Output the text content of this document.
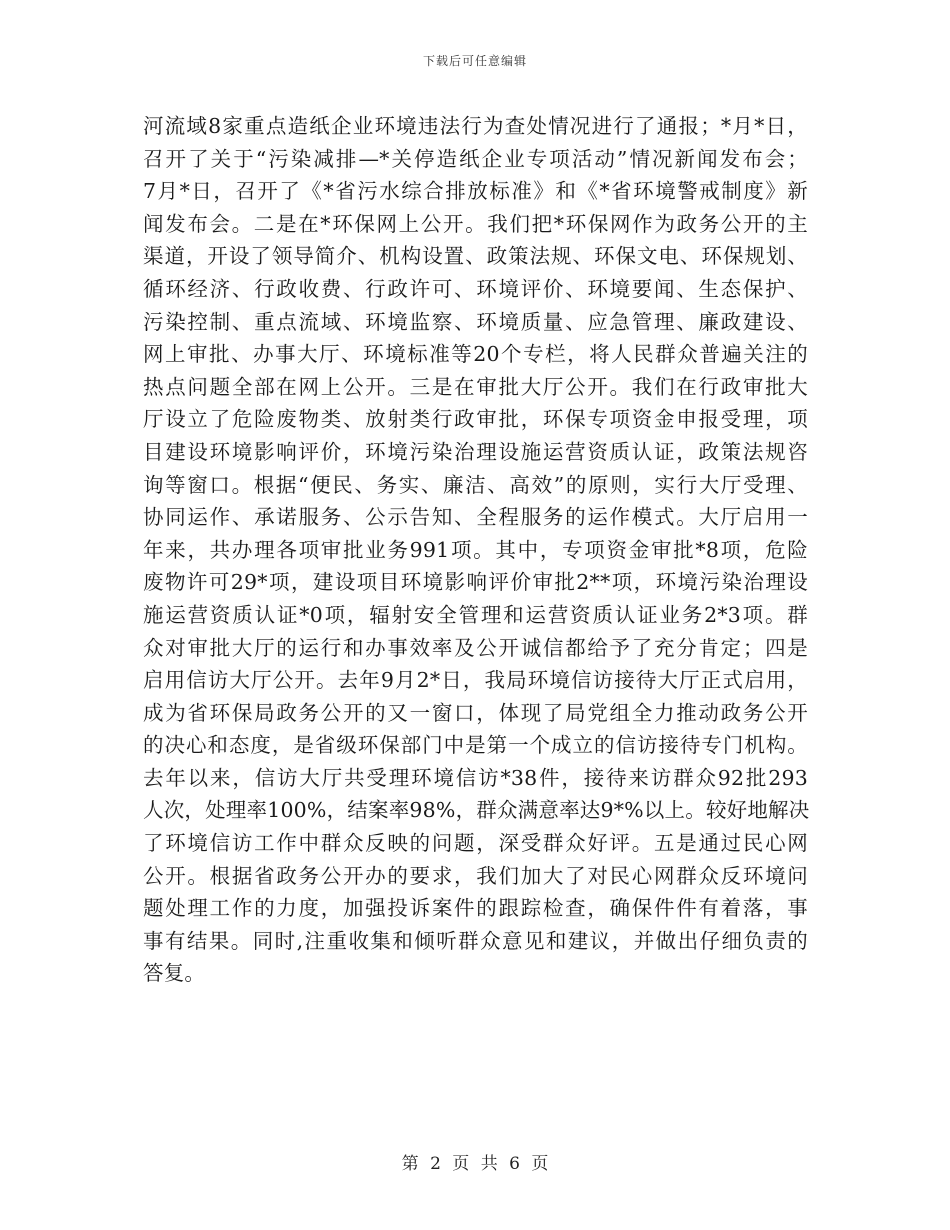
下载后可任意编辑
河流域8家重点造纸企业环境违法行为查处情况进行了通报；*月*日，
召开了关于“污染减排—*关停造纸企业专项活动”情况新闻发布会；
7月*日，召开了《*省污水综合排放标准》和《*省环境警戒制度》新
闻发布会。二是在*环保网上公开。我们把*环保网作为政务公开的主
渠道，开设了领导简介、机构设置、政策法规、环保文电、环保规划、
循环经济、行政收费、行政许可、环境评价、环境要闻、生态保护、
污染控制、重点流域、环境监察、环境质量、应急管理、廉政建设、
网上审批、办事大厅、环境标准等20个专栏，将人民群众普遍关注的
热点问题全部在网上公开。三是在审批大厅公开。我们在行政审批大
厅设立了危险废物类、放射类行政审批，环保专项资金申报受理，项
目建设环境影响评价，环境污染治理设施运营资质认证，政策法规咨
询等窗口。根据“便民、务实、廉洁、高效”的原则，实行大厅受理、
协同运作、承诺服务、公示告知、全程服务的运作模式。大厅启用一
年来，共办理各项审批业务991项。其中，专项资金审批*8项，危险
废物许可29*项，建设项目环境影响评价审批2**项，环境污染治理设
施运营资质认证*0项，辐射安全管理和运营资质认证业务2*3项。群
众对审批大厅的运行和办事效率及公开诚信都给予了充分肯定；四是
启用信访大厅公开。去年9月2*日，我局环境信访接待大厅正式启用，
成为省环保局政务公开的又一窗口，体现了局党组全力推动政务公开
的决心和态度，是省级环保部门中是第一个成立的信访接待专门机构。
去年以来，信访大厅共受理环境信访*38件，接待来访群众92批293
人次，处理率100%，结案率98%，群众满意率达9*%以上。较好地解决
了环境信访工作中群众反映的问题，深受群众好评。五是通过民心网
公开。根据省政务公开办的要求，我们加大了对民心网群众反环境问
题处理工作的力度，加强投诉案件的跟踪检查，确保件件有着落，事
事有结果。同时,注重收集和倾听群众意见和建议，并做出仔细负责的
答复。
第 2 页 共 6 页
